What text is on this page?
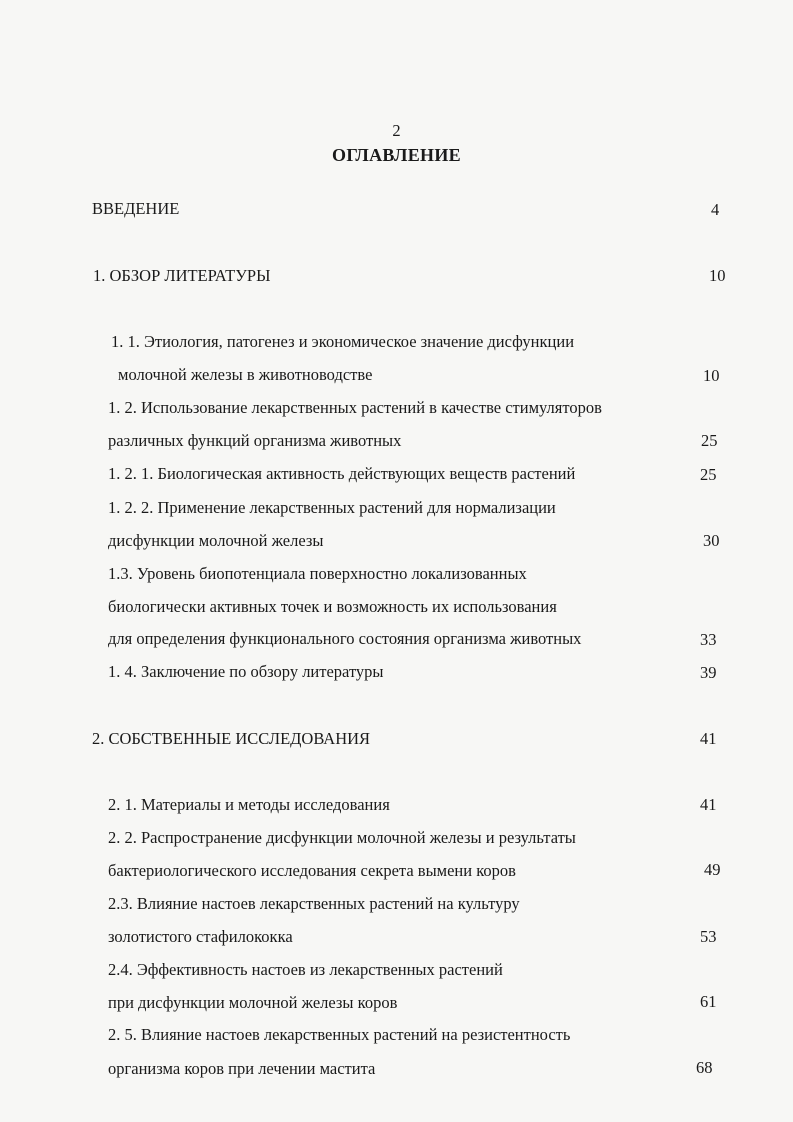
2
ОГЛАВЛЕНИЕ
ВВЕДЕНИЕ	4
1. ОБЗОР ЛИТЕРАТУРЫ	10
1. 1. Этиология, патогенез и экономическое значение дисфункции
молочной железы в животноводстве	10
1. 2. Использование лекарственных растений в качестве стимуляторов
различных функций организма животных	25
1. 2. 1. Биологическая активность действующих веществ растений	25
1. 2. 2. Применение лекарственных растений для нормализации
дисфункции молочной железы	30
1.3. Уровень биопотенциала поверхностно локализованных
биологически активных точек и возможность их использования
для определения функционального состояния организма животных	33
1. 4. Заключение по обзору литературы	39
2. СОБСТВЕННЫЕ ИССЛЕДОВАНИЯ	41
2. 1. Материалы и методы исследования	41
2. 2. Распространение дисфункции молочной железы и результаты
бактериологического исследования секрета вымени коров	49
2.3. Влияние настоев лекарственных растений на культуру
золотистого стафилококка	53
2.4. Эффективность настоев из лекарственных растений
при дисфункции молочной железы коров	61
2. 5. Влияние настоев лекарственных растений на резистентность
организма коров при лечении мастита	68
